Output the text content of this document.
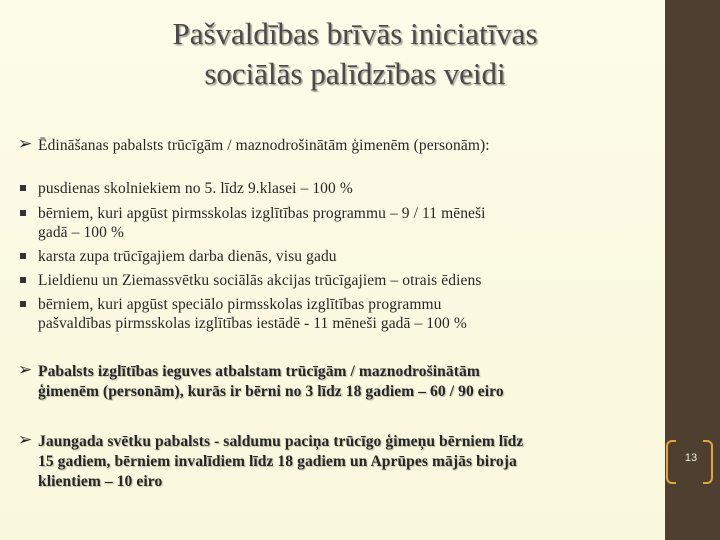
Pašvaldības brīvās iniciatīvas
sociālās palīdzības veidi
➢ Ēdināšanas pabalsts trūcīgām / maznodrošinātām ģimenēm (personām):
pusdienas skolniekiem no 5. līdz 9.klasei – 100 %
bērniem, kuri apgūst pirmsskolas izglītības programmu – 9 / 11 mēneši
gadā – 100 %
karsta zupa trūcīgajiem darba dienās, visu gadu
Lieldienu un Ziemassvētku sociālās akcijas trūcīgajiem – otrais ēdiens
bērniem, kuri apgūst speciālo pirmsskolas izglītības programmu
pašvaldības pirmsskolas izglītības iestādē - 11 mēneši gadā – 100 %
➢ Pabalsts izglītības ieguves atbalstam trūcīgām / maznodrošinātām
ģimenēm (personām), kurās ir bērni no 3 līdz 18 gadiem – 60 / 90 eiro
➢ Jaungada svētku pabalsts - saldumu paciņa trūcīgo ģimeņu bērniem līdz
15 gadiem, bērniem invalīdiem līdz 18 gadiem un Aprūpes mājās biroja
klientiem – 10 eiro
13
